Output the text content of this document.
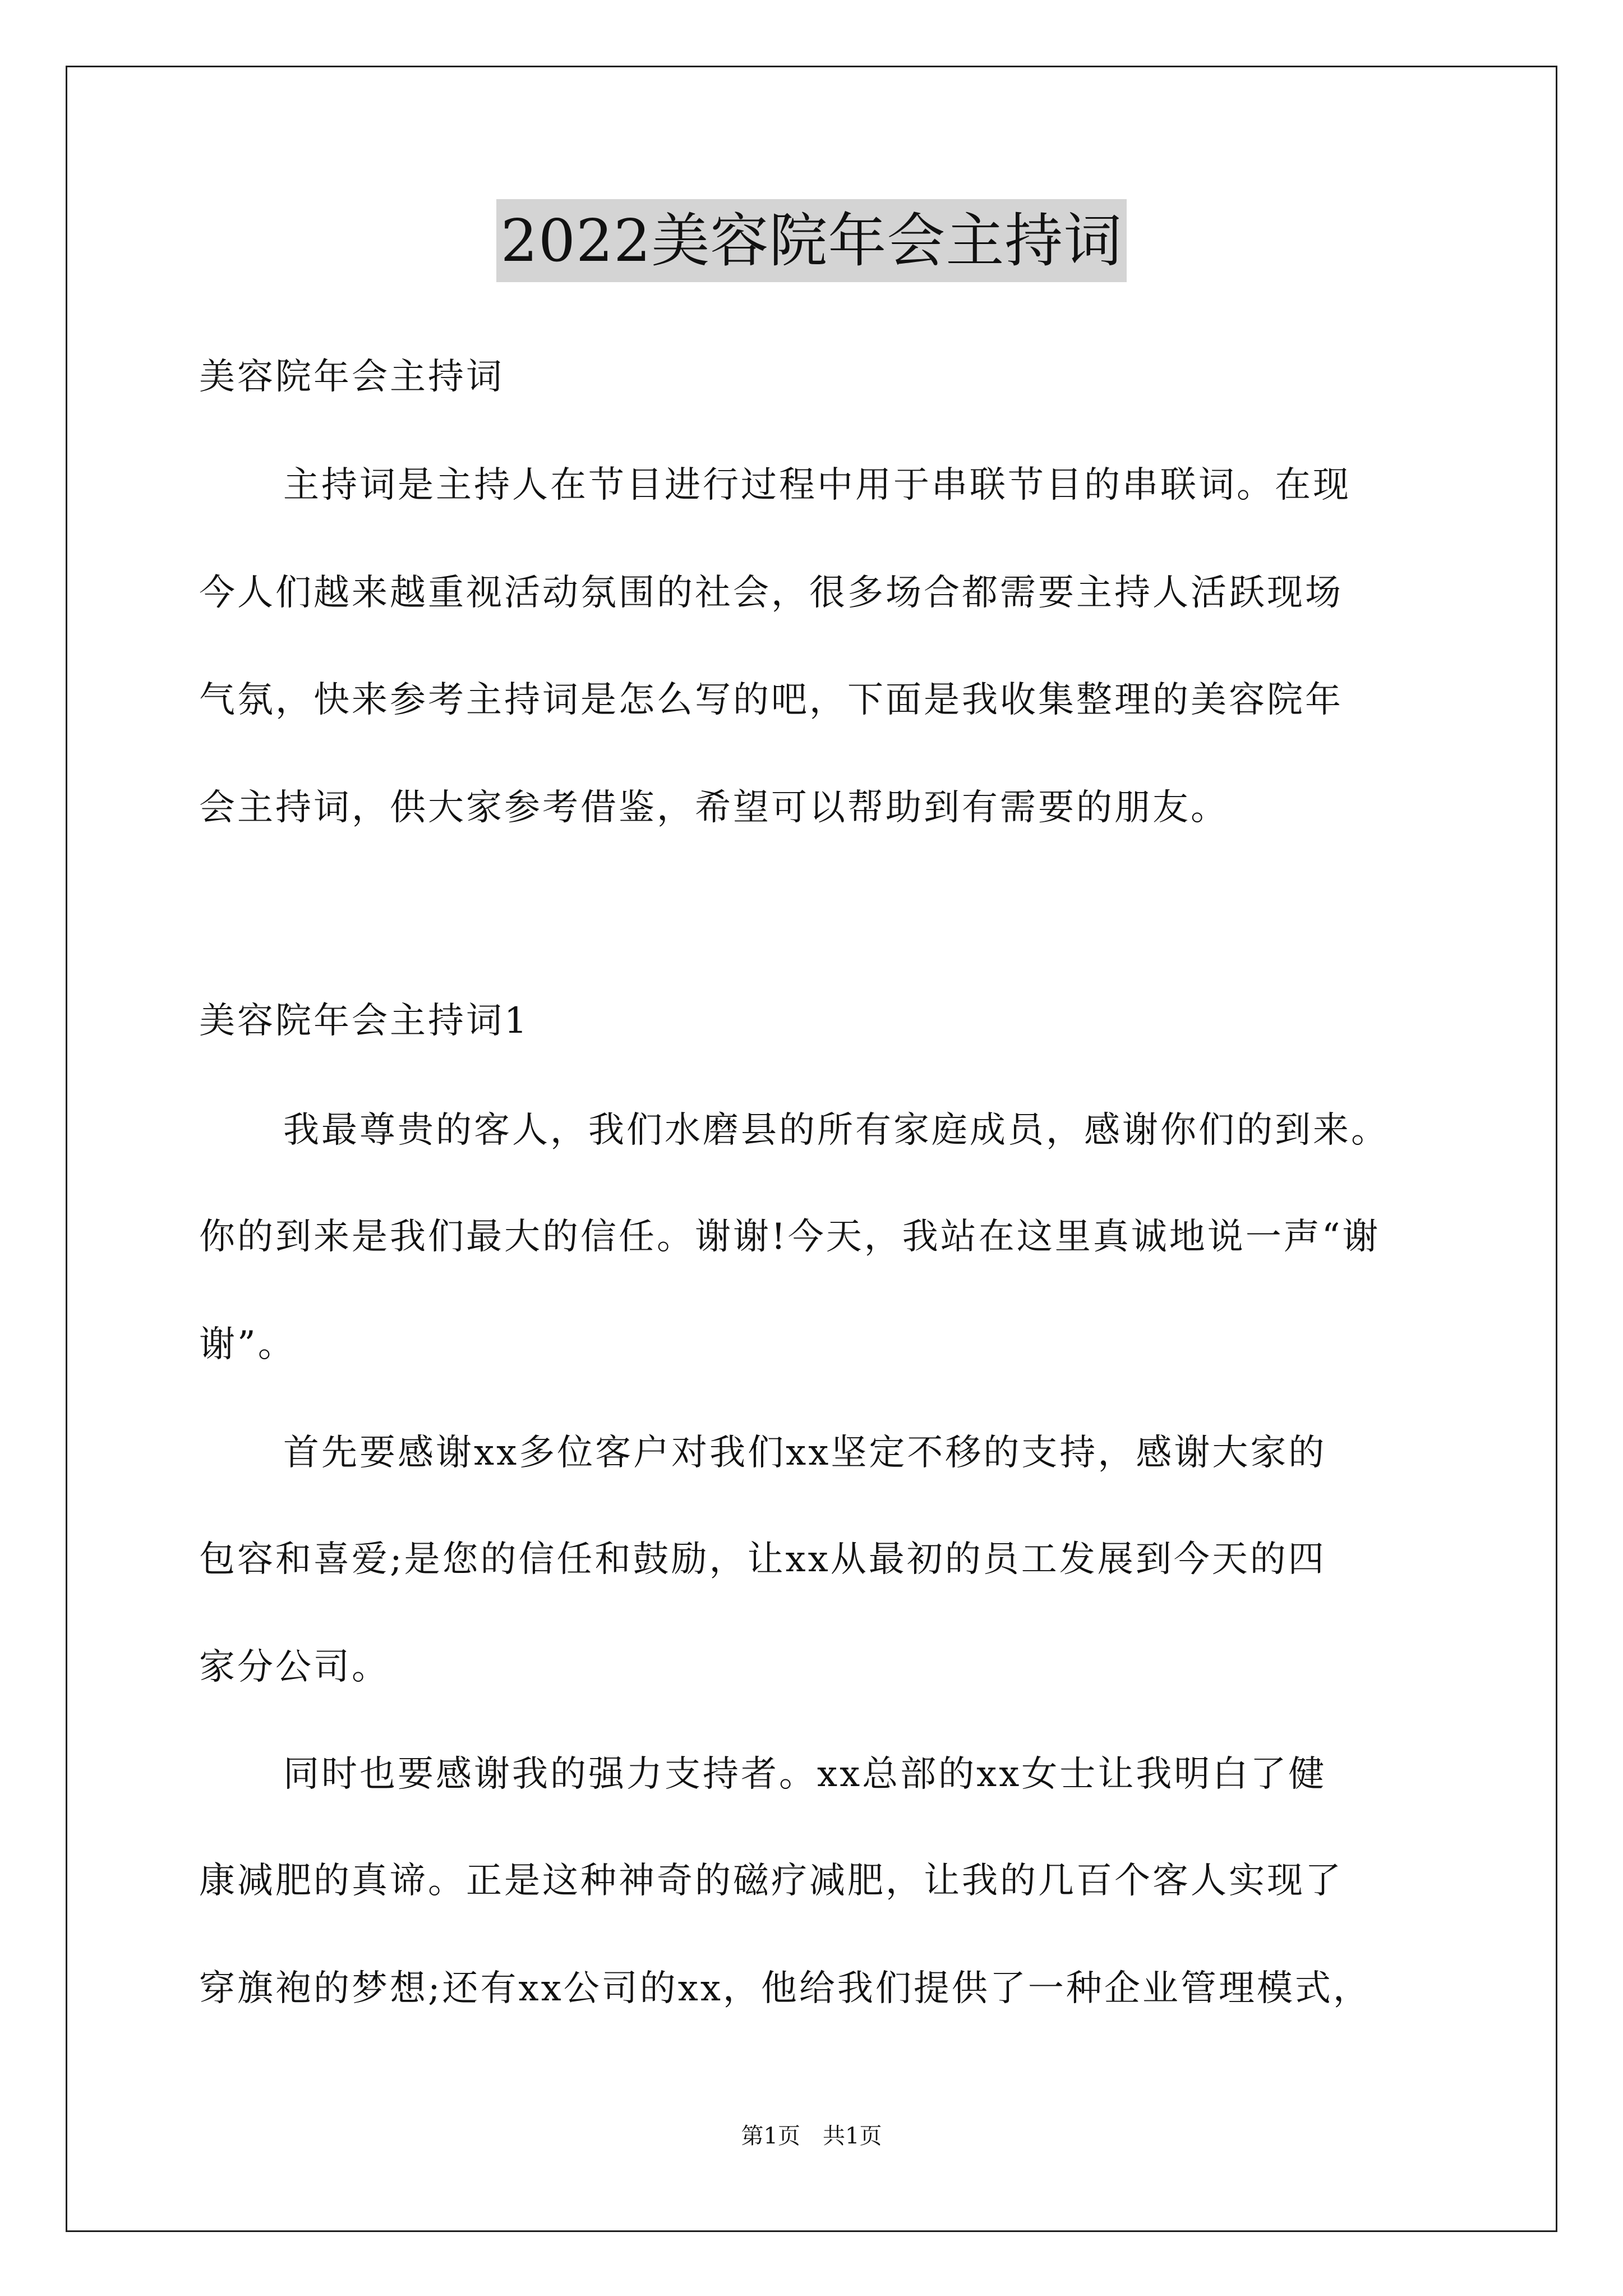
2022美容院年会主持词
美容院年会主持词
主持词是主持人在节目进行过程中用于串联节目的串联词。在现
今人们越来越重视活动氛围的社会，很多场合都需要主持人活跃现场
气氛，快来参考主持词是怎么写的吧，下面是我收集整理的美容院年
会主持词，供大家参考借鉴，希望可以帮助到有需要的朋友。
美容院年会主持词1
我最尊贵的客人，我们水磨县的所有家庭成员，感谢你们的到来。
你的到来是我们最大的信任。谢谢!今天，我站在这里真诚地说一声“谢
谢”。
首先要感谢xx多位客户对我们xx坚定不移的支持，感谢大家的
包容和喜爱;是您的信任和鼓励，让xx从最初的员工发展到今天的四
家分公司。
同时也要感谢我的强力支持者。xx总部的xx女士让我明白了健
康减肥的真谛。正是这种神奇的磁疗减肥，让我的几百个客人实现了
穿旗袍的梦想;还有xx公司的xx，他给我们提供了一种企业管理模式，
第1页　共1页
